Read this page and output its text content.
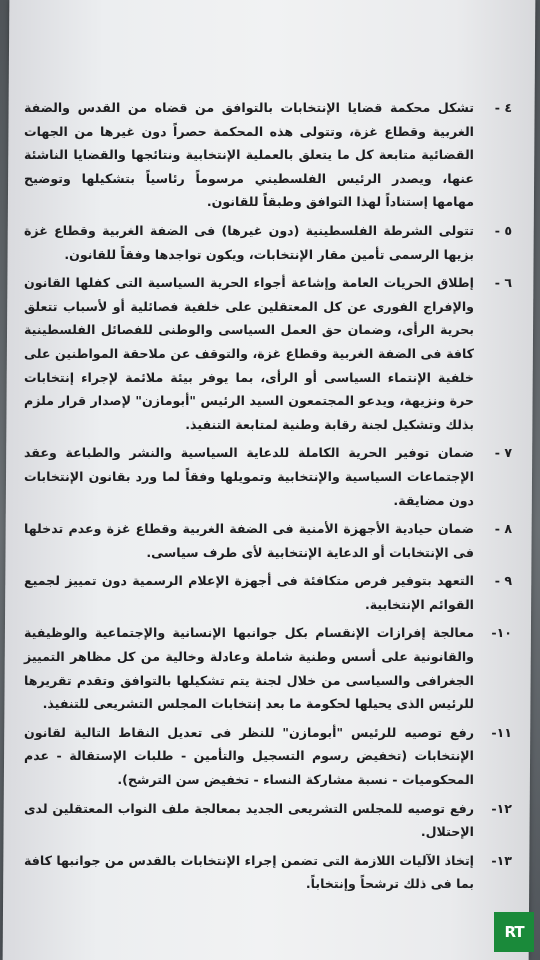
٤ -
تشكل محكمة قضايا الإنتخابات بالتوافق من قضاه من القدس والضفة الغربية وقطاع غزة، وتتولى هذه المحكمة حصراً دون غيرها من الجهات القضائية متابعة كل ما يتعلق بالعملية الإنتخابية ونتائجها والقضايا الناشئة عنها، ويصدر الرئيس الفلسطيني مرسوماً رئاسياً بتشكيلها وتوضيح مهامها إستناداً لهذا التوافق وطبقاً للقانون.
٥ -
تتولى الشرطة الفلسطينية (دون غيرها) فى الضفة الغربية وقطاع غزة بزيها الرسمى تأمين مقار الإنتخابات، ويكون تواجدها وفقاً للقانون.
٦ -
إطلاق الحريات العامة وإشاعة أجواء الحرية السياسية التى كفلها القانون والإفراج الفورى عن كل المعتقلين على خلفية فصائلية أو لأسباب تتعلق بحرية الرأى، وضمان حق العمل السياسى والوطنى للفصائل الفلسطينية كافة فى الضفة الغربية وقطاع غزة، والتوقف عن ملاحقة المواطنين على خلفية الإنتماء السياسى أو الرأى، بما يوفر بيئة ملائمة لإجراء إنتخابات حرة ونزيهة، ويدعو المجتمعون السيد الرئيس "أبومازن" لإصدار قرار ملزم بذلك وتشكيل لجنة رقابة وطنية لمتابعة التنفيذ.
٧ -
ضمان توفير الحرية الكاملة للدعاية السياسية والنشر والطباعة وعقد الإجتماعات السياسية والإنتخابية وتمويلها وفقاً لما ورد بقانون الإنتخابات دون مضايقة.
٨ -
ضمان حيادية الأجهزة الأمنية فى الضفة الغربية وقطاع غزة وعدم تدخلها فى الإنتخابات أو الدعاية الإنتخابية لأى طرف سياسى.
٩ -
التعهد بتوفير فرص متكافئة فى أجهزة الإعلام الرسمية دون تمييز لجميع القوائم الإنتخابية.
١٠-
معالجة إفرازات الإنقسام بكل جوانبها الإنسانية والإجتماعية والوظيفية والقانونية على أسس وطنية شاملة وعادلة وخالية من كل مظاهر التمييز الجغرافى والسياسى من خلال لجنة يتم تشكيلها بالتوافق وتقدم تقريرها للرئيس الذى يحيلها لحكومة ما بعد إنتخابات المجلس التشريعى للتنفيذ.
١١-
رفع توصيه للرئيس "أبومازن" للنظر فى تعديل النقاط التالية لقانون الإنتخابات (تخفيض رسوم التسجيل والتأمين - طلبات الإستقالة - عدم المحكوميات - نسبة مشاركة النساء - تخفيض سن الترشح).
١٢-
رفع توصيه للمجلس التشريعى الجديد بمعالجة ملف النواب المعتقلين لدى الإحتلال.
١٣-
إتخاذ الآليات اللازمة التى تضمن إجراء الإنتخابات بالقدس من جوانبها كافة بما فى ذلك ترشحاً وإنتخاباً.
RT
